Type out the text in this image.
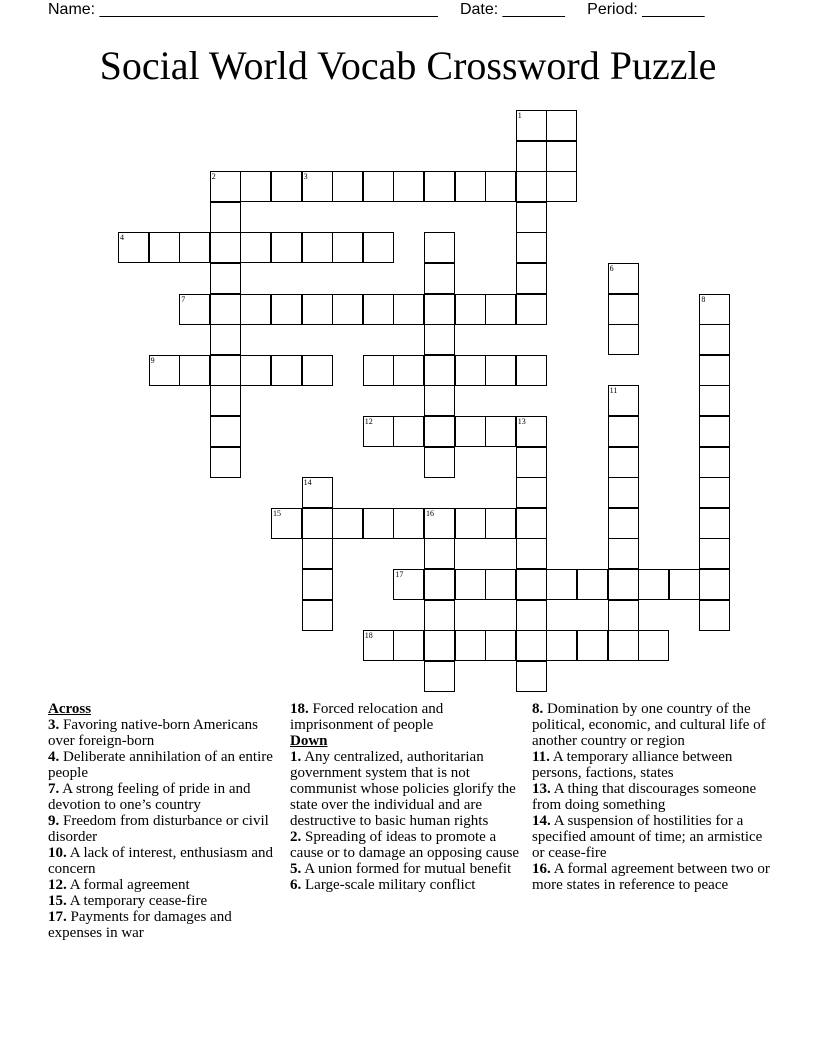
Name: ______________________________________     Date: _______     Period: _______
Social World Vocab Crossword Puzzle
1
2	3
4
6
7	8
9
11
12	13
14
15	16
17
18
Across

3. Favoring native-born Americans over foreign-born

4. Deliberate annihilation of an entire people

7. A strong feeling of pride in and devotion to one’s country

9. Freedom from disturbance or civil disorder

10. A lack of interest, enthusiasm and concern

12. A formal agreement

15. A temporary cease-fire

17. Payments for damages and expenses in war

18. Forced relocation and imprisonment of people

Down

1. Any centralized, authoritarian government system that is not communist whose policies glorify the state over the individual and are destructive to basic human rights

2. Spreading of ideas to promote a cause or to damage an opposing cause

5. A union formed for mutual benefit

6. Large-scale military conflict

8. Domination by one country of the political, economic, and cultural life of another country or region

11. A temporary alliance between persons, factions, states

13. A thing that discourages someone from doing something

14. A suspension of hostilities for a specified amount of time; an armistice or cease-fire

16. A formal agreement between two or more states in reference to peace
